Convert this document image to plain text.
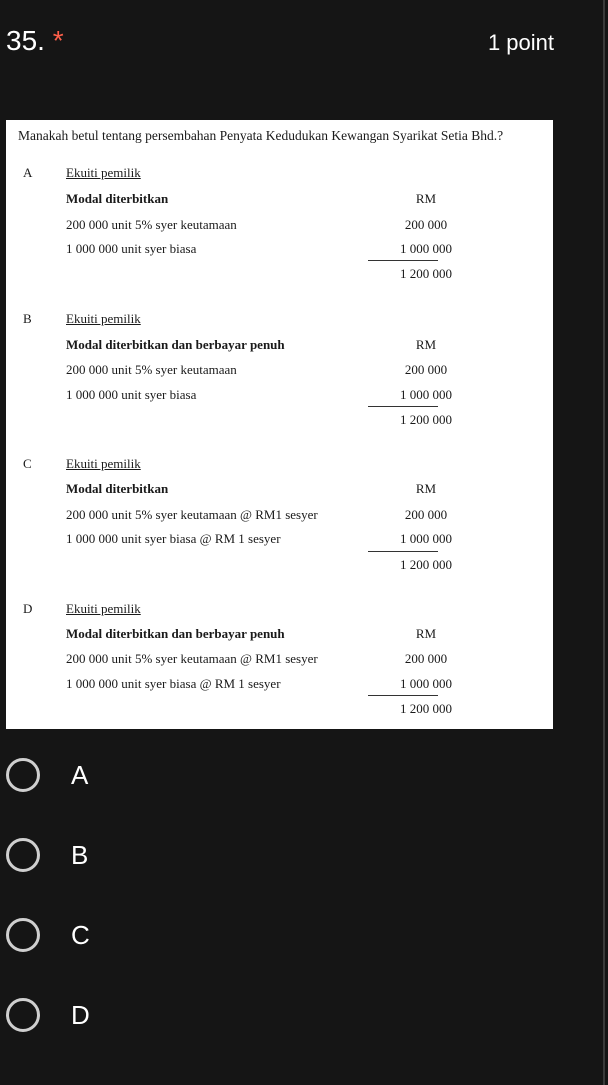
35. *	1 point
Manakah betul tentang persembahan Penyata Kedudukan Kewangan Syarikat Setia Bhd.?
A	Ekuiti pemilik
Modal diterbitkan	RM
200 000 unit 5% syer keutamaan	200 000
1 000 000 unit syer biasa	1 000 000
1 200 000
B	Ekuiti pemilik
Modal diterbitkan dan berbayar penuh	RM
200 000 unit 5% syer keutamaan	200 000
1 000 000 unit syer biasa	1 000 000
1 200 000
C	Ekuiti pemilik
Modal diterbitkan	RM
200 000 unit 5% syer keutamaan @ RM1 sesyer	200 000
1 000 000 unit syer biasa @ RM 1 sesyer	1 000 000
1 200 000
D	Ekuiti pemilik
Modal diterbitkan dan berbayar penuh	RM
200 000 unit 5% syer keutamaan @ RM1 sesyer	200 000
1 000 000 unit syer biasa @ RM 1 sesyer	1 000 000
1 200 000
A
B
C
D
